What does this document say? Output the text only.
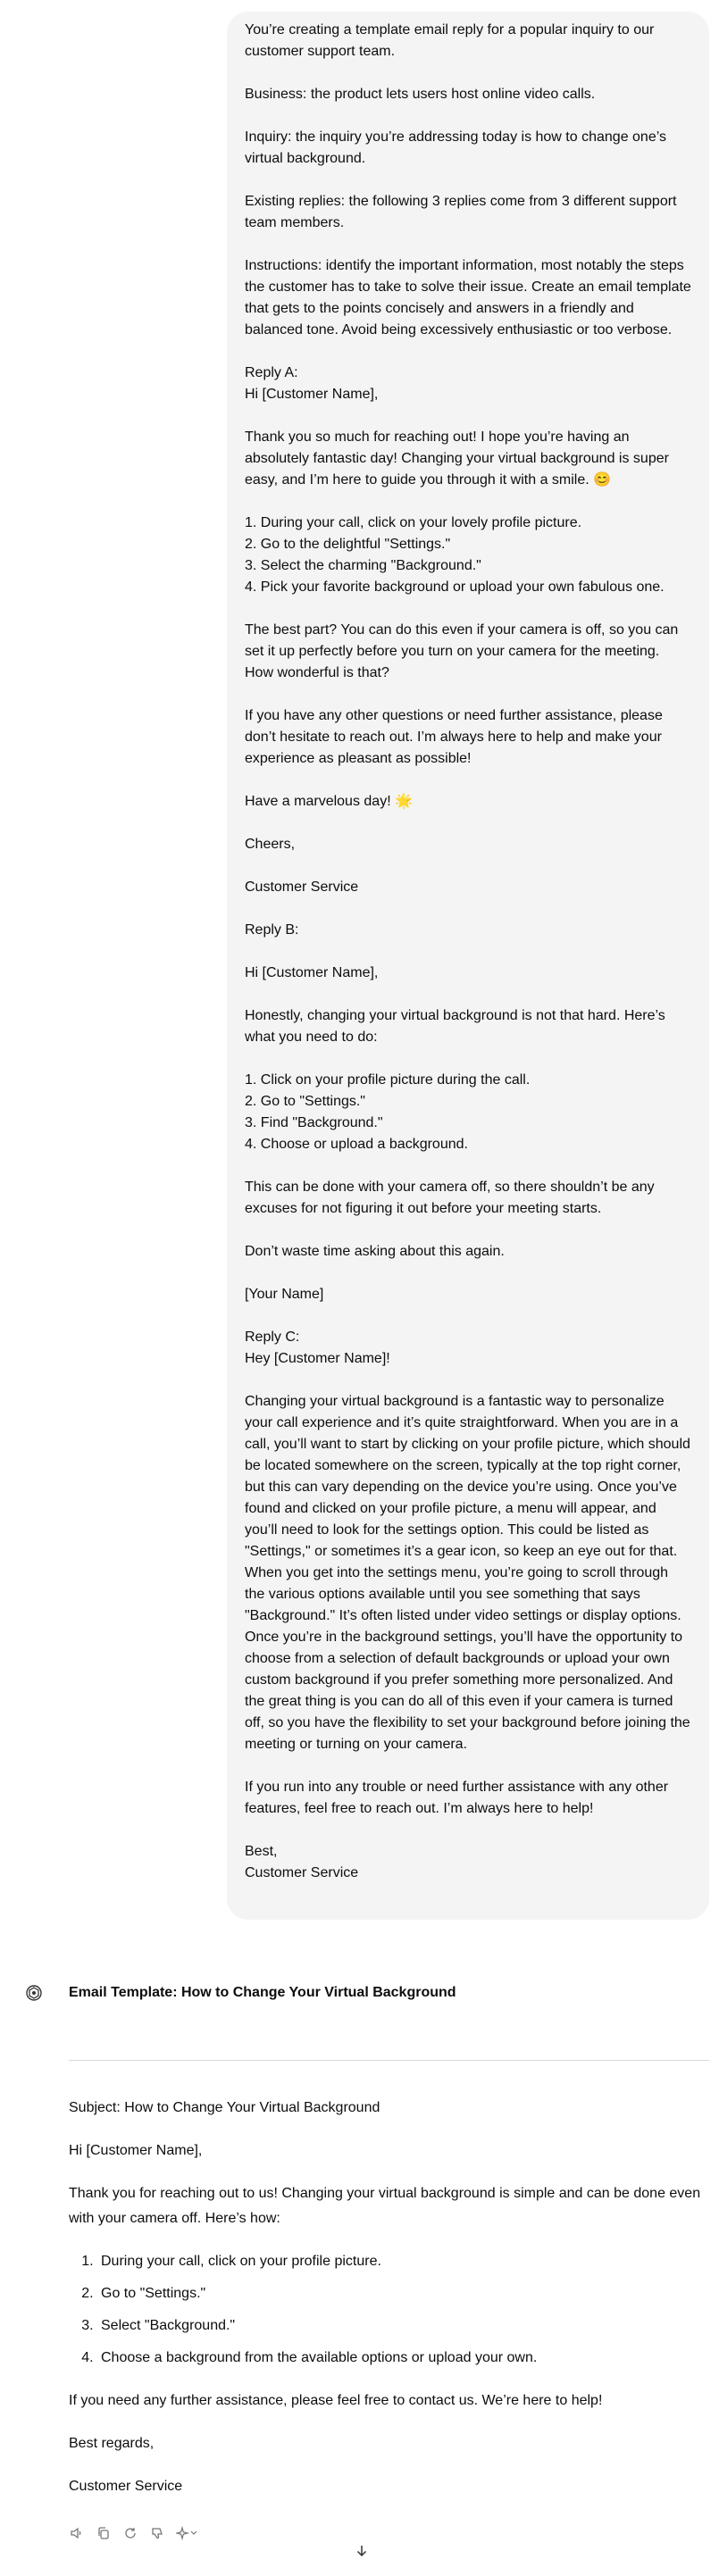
You’re creating a template email reply for a popular inquiry to our customer support team.

Business: the product lets users host online video calls.

Inquiry: the inquiry you’re addressing today is how to change one’s virtual background.

Existing replies: the following 3 replies come from 3 different support team members.

Instructions: identify the important information, most notably the steps the customer has to take to solve their issue. Create an email template that gets to the points concisely and answers in a friendly and balanced tone. Avoid being excessively enthusiastic or too verbose.

Reply A:

Hi [Customer Name],

Thank you so much for reaching out! I hope you’re having an absolutely fantastic day! Changing your virtual background is super easy, and I’m here to guide you through it with a smile. 😊

1. During your call, click on your lovely profile picture.

2. Go to the delightful "Settings."

3. Select the charming "Background."

4. Pick your favorite background or upload your own fabulous one.

The best part? You can do this even if your camera is off, so you can set it up perfectly before you turn on your camera for the meeting. How wonderful is that?

If you have any other questions or need further assistance, please don’t hesitate to reach out. I’m always here to help and make your experience as pleasant as possible!

Have a marvelous day! 🌟

Cheers,

Customer Service

Reply B:

Hi [Customer Name],

Honestly, changing your virtual background is not that hard. Here’s what you need to do:

1. Click on your profile picture during the call.

2. Go to "Settings."

3. Find "Background."

4. Choose or upload a background.

This can be done with your camera off, so there shouldn’t be any excuses for not figuring it out before your meeting starts.

Don’t waste time asking about this again.

[Your Name]

Reply C:

Hey [Customer Name]!

Changing your virtual background is a fantastic way to personalize your call experience and it’s quite straightforward. When you are in a call, you’ll want to start by clicking on your profile picture, which should be located somewhere on the screen, typically at the top right corner, but this can vary depending on the device you’re using. Once you’ve found and clicked on your profile picture, a menu will appear, and you’ll need to look for the settings option. This could be listed as "Settings," or sometimes it’s a gear icon, so keep an eye out for that. When you get into the settings menu, you’re going to scroll through the various options available until you see something that says "Background." It’s often listed under video settings or display options. Once you’re in the background settings, you’ll have the opportunity to choose from a selection of default backgrounds or upload your own custom background if you prefer something more personalized. And the great thing is you can do all of this even if your camera is turned off, so you have the flexibility to set your background before joining the meeting or turning on your camera.

If you run into any trouble or need further assistance with any other features, feel free to reach out. I’m always here to help!

Best,

Customer Service

Email Template: How to Change Your Virtual Background

Subject: How to Change Your Virtual Background

Hi [Customer Name],

Thank you for reaching out to us! Changing your virtual background is simple and can be done even with your camera off. Here’s how:

1. During your call, click on your profile picture.
2. Go to "Settings."
3. Select "Background."
4. Choose a background from the available options or upload your own.

If you need any further assistance, please feel free to contact us. We’re here to help!

Best regards,

Customer Service
